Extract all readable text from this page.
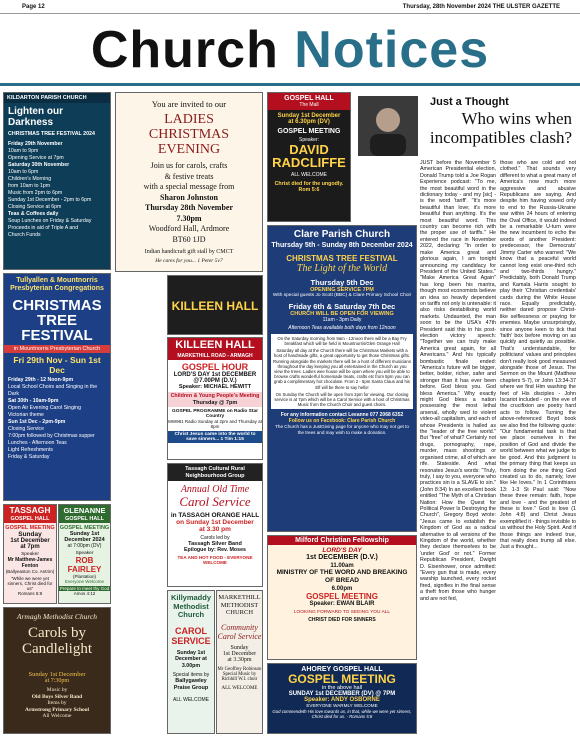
Page 12	Thursday, 28th November 2024 THE ULSTER GAZETTE
Church Notices
KILDARTON PARISH CHURCH
Lighten our Darkness
CHRISTMAS TREE FESTIVAL 2024
Friday 29th November
10am to 9pm
Opening Service at 7pm
Saturday 30th November
10am to 6pm
Children's Morning
from 10am to 1pm
Music from 2pm to 6pm
Sunday 1st December - 2pm to 6pm
Closing Service at 6pm
Teas & Coffees daily
Soup Lunches on Friday & Saturday
Proceeds in aid of Triple A and
Church Funds
Tullyallen & Mountnorris Presbyterian Congregations
CHRISTMAS TREE FESTIVAL
in Mountnorris Presbyterian Church
Fri 29th Nov - Sun 1st Dec
Friday 29th - 12 Noon-9pm
Local School Choirs and Singing in the Dark
Sat 30th - 10am-9pm
Open Air Evening Carol Singing
Victorian theme
Sun 1st Dec - 2pm-9pm
Closing Service
7:00pm followed by Christmas supper
Lunches - Afternoon Teas
Light Refreshments
Friday & Saturday
TASSAGH
GOSPEL HALL
GOSPEL MEETING
Sunday
1st December
at 7pm
Speaker
Mr Matthew-James Fenton
(Ballyeaston Co. Antrim)
"While we were yet sinners, Christ died for us"
Romans 5:8
GLENANNE
GOSPEL HALL
GOSPEL MEETING
Sunday 1st
December 2024
at 7:00pm (DV)
Speaker
ROB FAIRLEY
(Plantation)
Everyone Welcome
Prepare to meet thy God
Amos 4:12
Armagh Methodist Church
Carols by Candlelight
Sunday 1st December
at 7:30pm
Music by
Old Boys Silver Band
Items by
Armstrong Primary School
All Welcome
You are invited to our
LADIES
CHRISTMAS
EVENING
Join us for carols, crafts
& festive treats
with a special message from
Sharon Johnston
Thursday 28th November
7.30pm
Woodford Hall, Ardmore
BT60 1JD
Indian handicraft gift stall by CMCT
He cares for you... 1 Peter 5v7
KILLEEN HALL
MARKETHILL ROAD - ARMAGH
GOSPEL HOUR
LORD'S DAY 1st DECEMBER
@7.00PM (D.V.)
Speaker: MICHAEL HEWITT
Children & Young People's Meeting
Thursday @ 7pm
GOSPEL PROGRAMME on Radio Star Country
MW981 Radio Sunday at 2pm and Thursday at 8pm
Christ Jesus came into the world to save sinners... 1 Tim 1:15
KILLEEN HALL
Tassagh Cultural Rural Neighbourhood Group
Annual Old Time
Carol Service
in TASSAGH ORANGE HALL
on Sunday 1st December
at 3.30 pm
Carols led by
Tassagh Silver Band
Epilogue by: Rev. Moses
TEA AND HOT FOOD - EVERYONE WELCOME
Killymaddy
Methodist
Church
CAROL SERVICE
Sunday 1st December at 3.00pm
Special items by
Ballygawley Praise Group
ALL WELCOME
MARKETHILL METHODIST CHURCH
Community Carol Service
Sunday
1st December
at 3.30pm
Mr Geoffrey Robinson
Special Music by
Richhill W.I. choir
ALL WELCOME
GOSPEL HALL
The Mall
Sunday 1st December
at 6.30pm (DV)
GOSPEL MEETING
Speaker:
DAVID
RADCLIFFE
ALL WELCOME
Christ died for the ungodly. Rom 5:6
Clare Parish Church
Thursday 5th - Sunday 8th December 2024
CHRISTMAS TREE FESTIVAL
The Light of the World
Thursday 5th Dec
OPENING SERVICE 7PM
With special guests Jo Scott (BBC) & Clare Primary School Choir
Friday 6th & Saturday 7th Dec
CHURCH WILL BE OPEN FOR VIEWING
11am - 3pm Daily
Afternoon Teas available both days from 12noon
On the Saturday morning from 9am - 12noon there will be a Bay Fry breakfast which will be held in Mountnorris/Glen Orange Hall
Saturday all day at the Church there will be Christmas Markets with a host of handmade gifts, a great opportunity to get those Christmas gifts. Running alongside the markets there will be a host of different musicians throughout the day keeping you all entertained in the Church as you view the trees. Ladies wee house will be open where you will be able to browse crafts wonderful homemade treats, crafts etc from 5pm you can grab a complimentary hot chocolate. From 2 - 5pm Santa Claus and his Elf will be there to say hello!
On Sunday the Church will be open from 2pm for viewing. Our closing service is at 7pm which will be a Carol Service with a host of Christmas Music from the Church Choir and guest choirs.
For any information contact Leeanne 077 2068 6352
Follow us on Facebook: Clare Parish Church
The Church has a JustGiving page for anyone who may not get to the trees and may wish to make a donation.
Milford Christian Fellowship
LORD'S DAY
1st DECEMBER (D.V.)
11.00am
MINISTRY OF THE WORD AND BREAKING OF BREAD
6.00pm
GOSPEL MEETING
Speaker: EWAN BLAIR
LOOKING FORWARD TO SEEING YOU ALL
CHRIST DIED FOR SINNERS
AHOREY GOSPEL HALL
GOSPEL MEETING
in the above hall
SUNDAY 1st DECEMBER (DV) @ 7PM
Speaker: ANDY OSBORNE
EVERYONE WARMLY WELCOME
God commendeth His love towards us, in that, while we were yet sinners, Christ died for us. - Romans 5:8
Just a Thought
Who wins when incompatibles clash?
JUST before the November 5 American Presidential election, Donald Trump told a Joe Rogan Experience podcast: "To me, the most beautiful word in the dictionary today - and my [sic] - is the word 'tariff'. "It's more beautiful than love; it's more beautiful than anything. It's the most beautiful word. This country can become rich with the proper use of tariffs." He entered the race in November 2022, declaring: "In order to make America great and glorious again, I am tonight announcing my candidacy for President of the United States." "Make America Great Again" has long been his mantra, though most economists believe an idea so heavily dependent on tariffs not only is untenable: it also risks destabilising world markets. Undaunted, the man soon to be the USA's 47th President said this in his post-election victory speech: "Together we can truly make America great again, for all Americans." And his typically bombastic finale ended: "America's future will be bigger, better, bolder, richer, safer and stronger than it has ever been before. God bless you. God bless America." Why exactly might God bless a nation possessing the most lethal arsenal, wholly wed to violent video-all capitalism, and each of whose Presidents is hailed as the "leader of the free world." But "free" of what? Certainly not drugs, pornography, rape, murder, mass shootings or organised crime, all of which are rife. Stateside. And what resonates Jesus's words: "Truly, truly, I say to you, everyone who practices sin is a SLAVE to sin." (John 8:34) In an excellent book entitled "The Myth of a Christian Nation: How the Quest for Political Power Is Destroying the Church", Gregory Boyd wrote: "Jesus came to establish the Kingdom of God as a radical alternative to all versions of the Kingdom of the world, whether they declare themselves to be 'under God' or not." Former Republican President, Dwight D. Eisenhower, once admitted: "Every gun that is made, every warship launched, every rocket fired, signifies in the final sense a theft from those who hunger and are not fed,
those who are cold and not clothed." That sounds very different to what a great many of America's now much more aggressive and abusive Republicans are saying. And despite him having vowed only to end to the Russia-Ukraine war within 24 hours of entering the Oval Office, it would indeed be a remarkable U-turn were the new incumbent to echo the words of another President: predecessor, the Democrats' Jimmy Carter who warned: "We know that a peaceful world cannot long exist one-third rich and two-thirds hungry." Predictably, both Donald Trump and Kamala Harris sought to play their 'Christian credentials' cards during the White House race. Equally predictably, neither dared propose Christ-like selflessness or praying for enemies. Maybe unsurprisingly, since anyone keen to tick that 'faith' box before moving on as quickly and quietly as possible. That's understandable, for politicians' values and principles don't really look good measured alongside those of Jesus. The Sermon on the Mount (Matthew chapters 5-7), or John 13:34-37 where we find Him washing the feet of His disciples - John Iscariot included - on the eve of the crucifixion are poetry hard acts to follow. Turning the above-referenced Boyd book we also find the following quote: "Our fundamental task is that we place ourselves in the position of God and divide the world between what we judge to be good. And this judgment is the primary thing that keeps us from doing the one thing God created us to do, namely, love like He loves." In 1 Corinthians 13: 1-3 St Paul said: "Now these three remain: faith, hope and love - and the greatest of these is love." God is love (1 John 4:8) and Christ Jesus exemplified it - things invisible to us without the Holy Spirit. And if those things are indeed true, that really does trump all else. Just a thought...
